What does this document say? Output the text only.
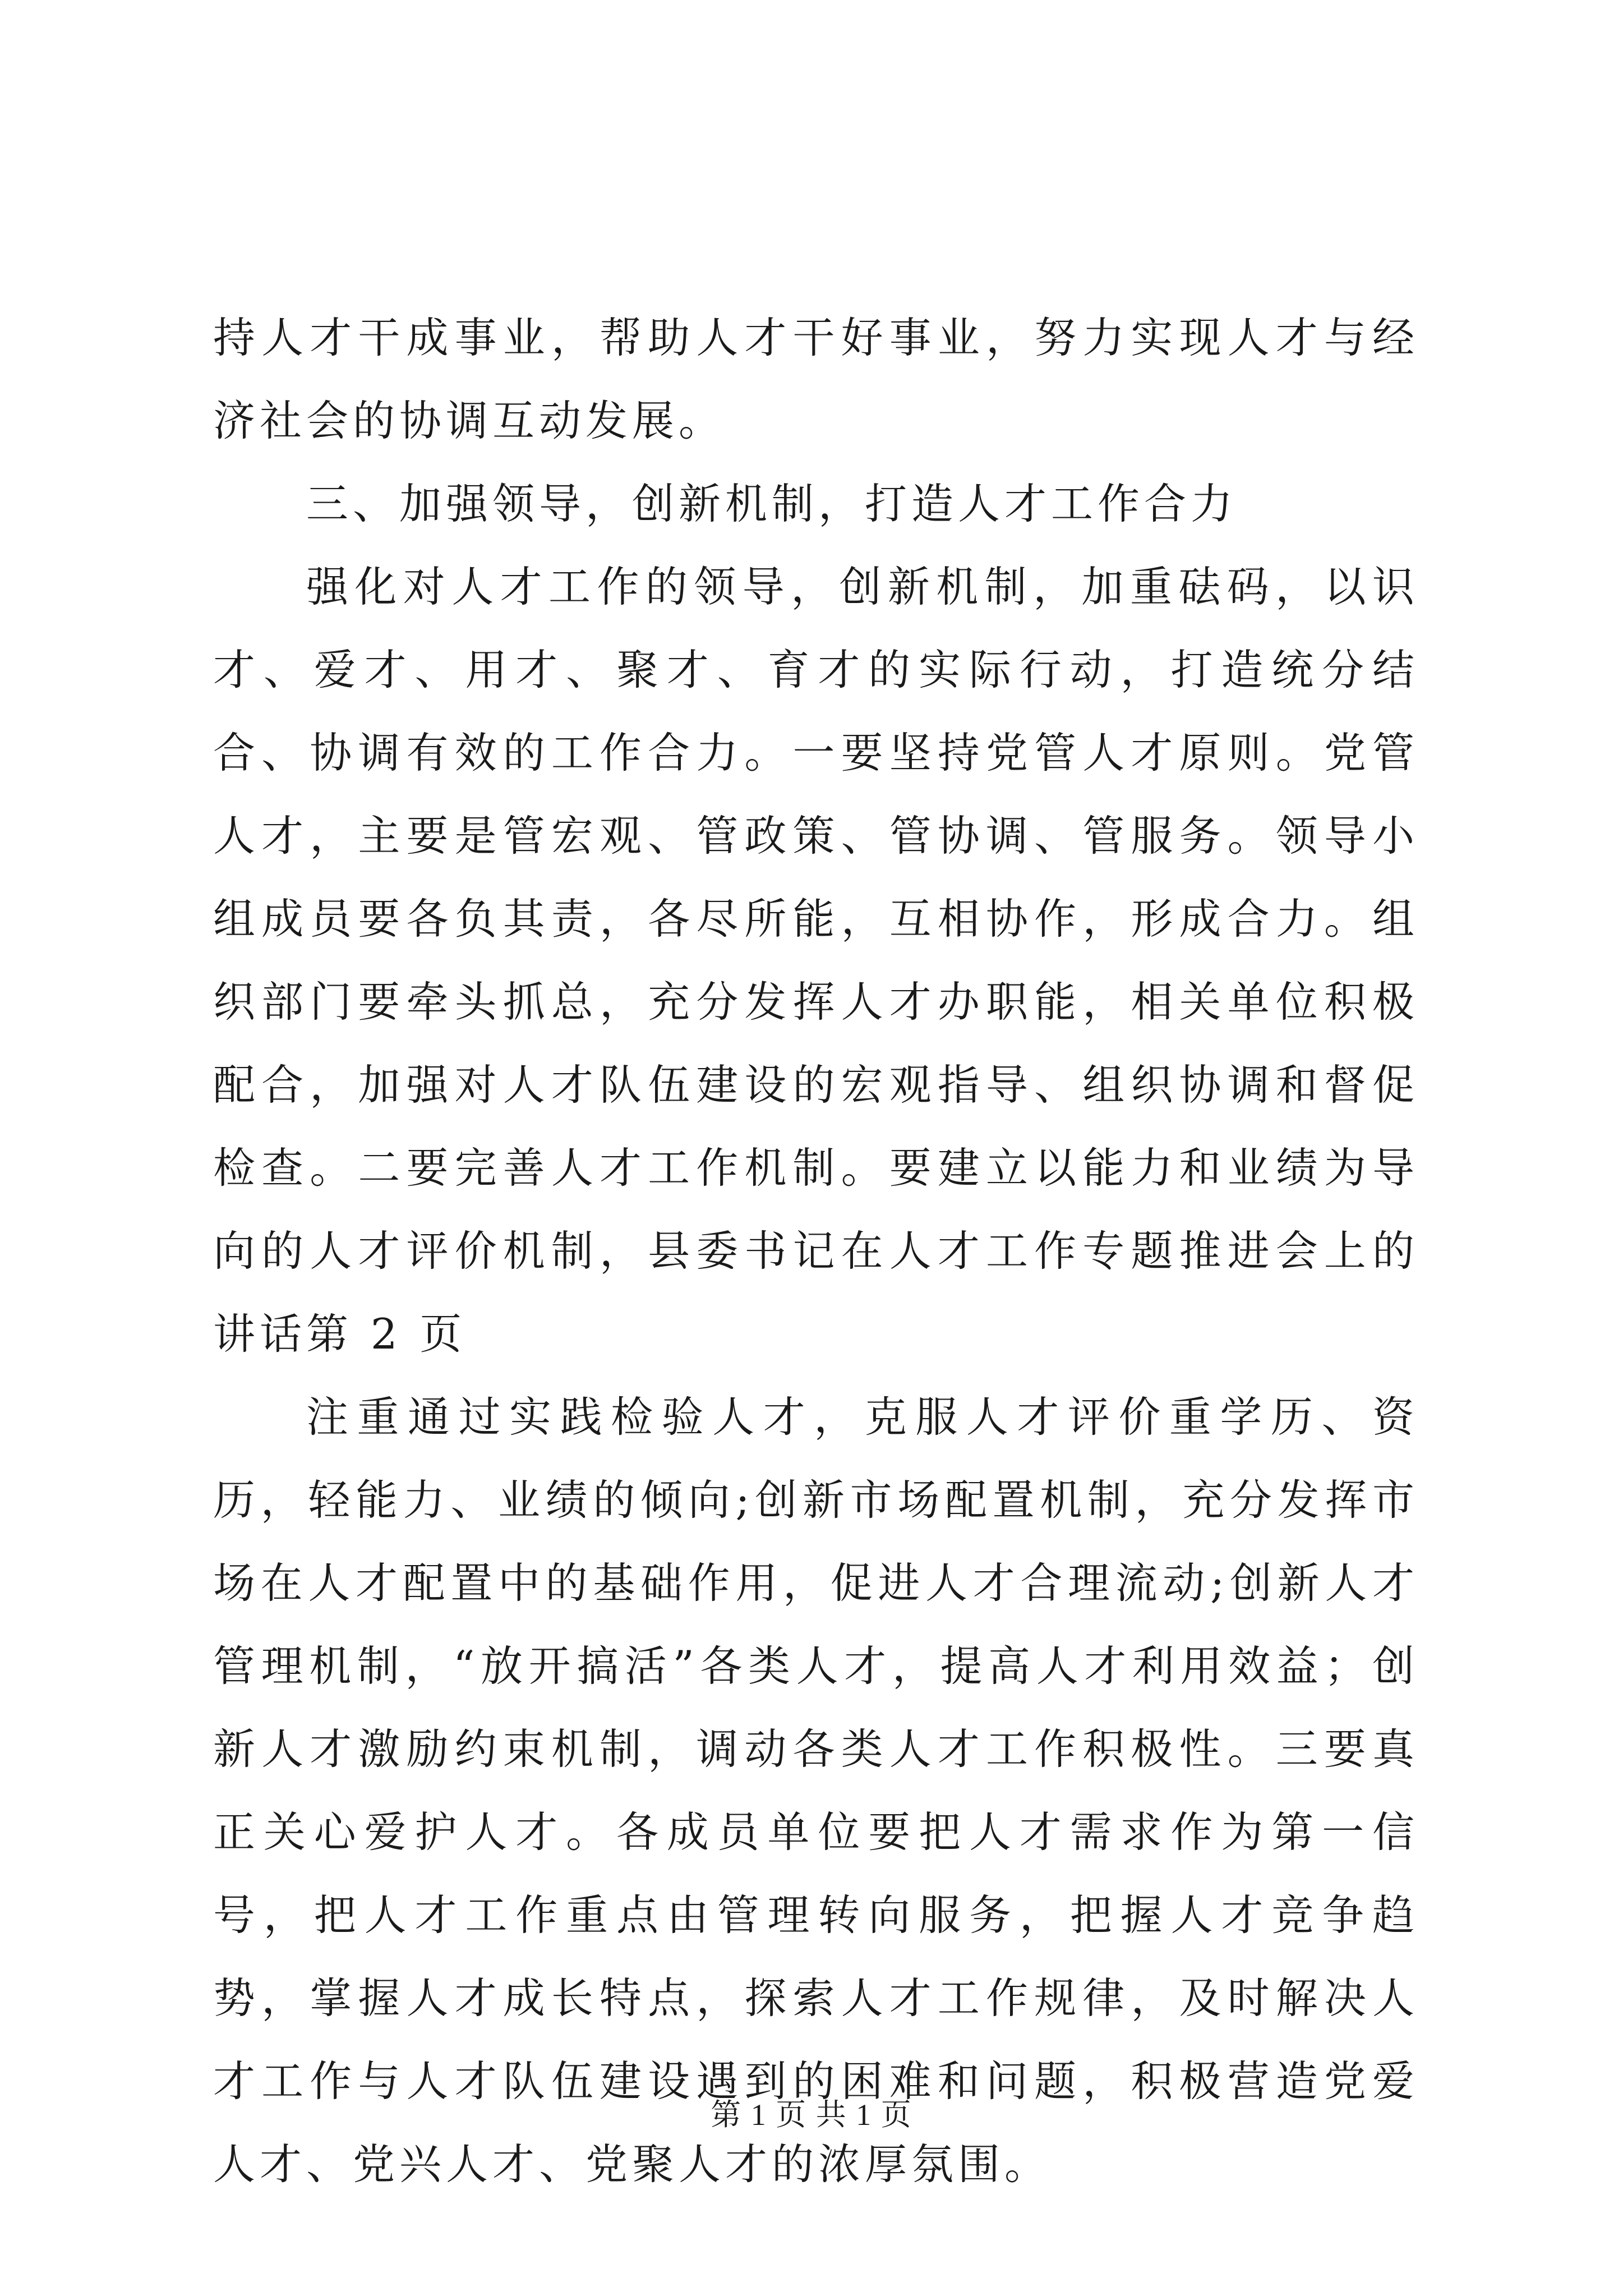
持人才干成事业，帮助人才干好事业，努力实现人才与经济社会的协调互动发展。

三、加强领导，创新机制，打造人才工作合力

强化对人才工作的领导，创新机制，加重砝码，以识才、爱才、用才、聚才、育才的实际行动，打造统分结合、协调有效的工作合力。一要坚持党管人才原则。党管人才，主要是管宏观、管政策、管协调、管服务。领导小组成员要各负其责，各尽所能，互相协作，形成合力。组织部门要牵头抓总，充分发挥人才办职能，相关单位积极配合，加强对人才队伍建设的宏观指导、组织协调和督促检查。二要完善人才工作机制。要建立以能力和业绩为导向的人才评价机制，县委书记在人才工作专题推进会上的讲话第 2 页

注重通过实践检验人才，克服人才评价重学历、资历，轻能力、业绩的倾向;创新市场配置机制，充分发挥市场在人才配置中的基础作用，促进人才合理流动;创新人才管理机制，“放开搞活”各类人才，提高人才利用效益；创新人才激励约束机制，调动各类人才工作积极性。三要真正关心爱护人才。各成员单位要把人才需求作为第一信号，把人才工作重点由管理转向服务，把握人才竞争趋势，掌握人才成长特点，探索人才工作规律，及时解决人才工作与人才队伍建设遇到的困难和问题，积极营造党爱人才、党兴人才、党聚人才的浓厚氛围。

第 1 页 共 1 页
